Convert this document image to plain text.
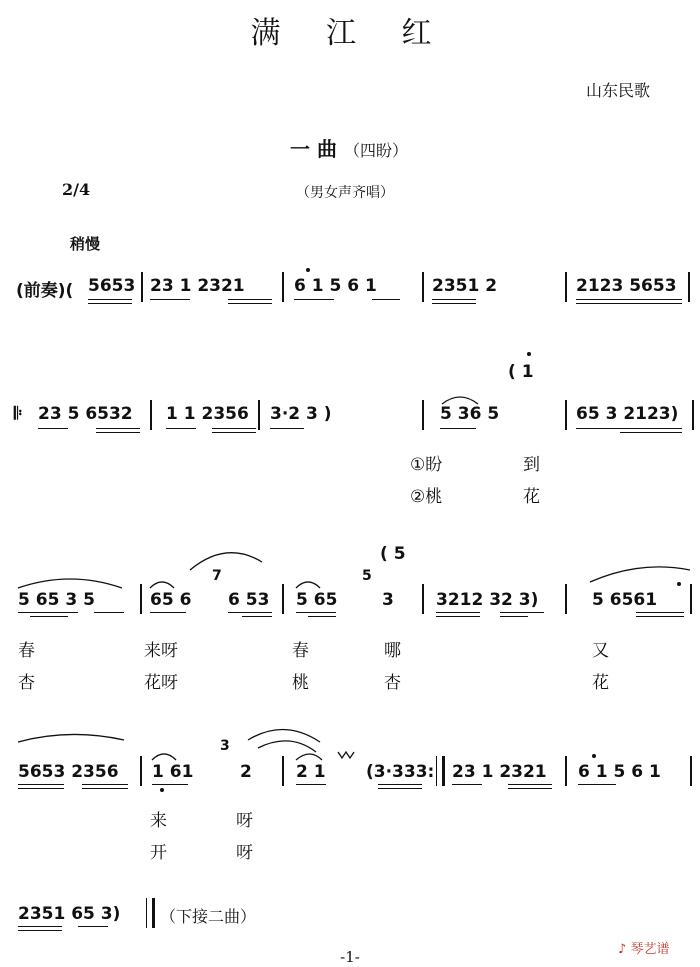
满 江 红
山东民歌
一 曲 （四盼）
2/4	（男女声齐唱）
稍慢
(前奏)( 5653 23 1 2321	6 1 5 6 1	2351 2	2123 5653
𝄆 23 5 6532 1 1 2356 3·2 3 )	5 36 5	65 3 2123)
( 1
①盼	到
②桃	花
5 65 3 5	65 6
7
6 53 5 65
5
3
( 5
3212 32 3)	5 6561
春	来呀	春	哪	又
杏	花呀	桃	杏	花
5653 2356 1 61
3
2	2 1 (3·333: 23 1 2321 6 1 5 6 1
来	呀
开	呀
2351 65 3) （下接二曲）
-1-	♪ 琴艺谱
